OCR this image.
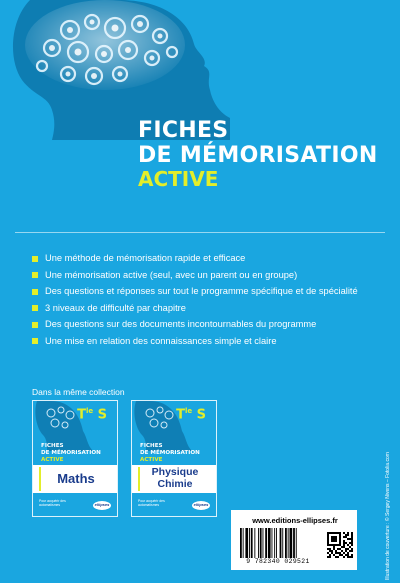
FICHES
DE MÉMORISATION
ACTIVE
Une méthode de mémorisation rapide et efficace
Une mémorisation active (seul, avec un parent ou en groupe)
Des questions et réponses sur tout le programme spécifique et de spécialité
3 niveaux de difficulté par chapitre
Des questions sur des documents incontournables du programme
Une mise en relation des connaissances simple et claire
Dans la même collection
$T^{le}$ S
FICHES
DE MÉMORISATION
ACTIVE
Maths
Pour acquérir des automatismes	ellipses
$T^{le}$ S
FICHES
DE MÉMORISATION
ACTIVE
Physique
Chimie
Pour acquérir des automatismes	ellipses
www.editions-ellipses.fr
9 782340 029521	Illustration de couverture : © Sergey Nivens – Fotolia.com
